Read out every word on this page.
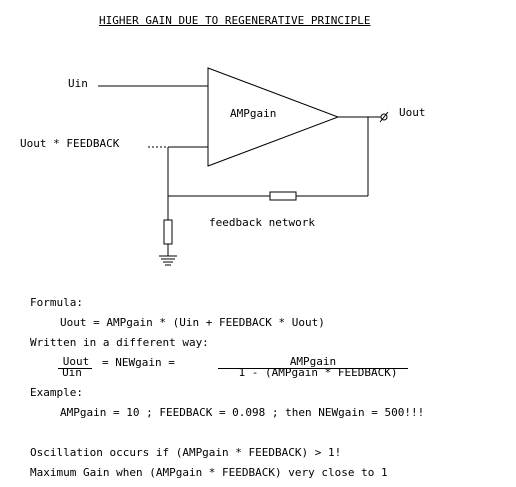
HIGHER GAIN DUE TO REGENERATIVE PRINCIPLE
Uin
Uout * FEEDBACK
AMPgain	Uout
feedback network
Formula:
Uout = AMPgain * (Uin + FEEDBACK * Uout)
Written in a different way:
Uout
Uin
= NEWgain =	AMPgain
1 - (AMPgain * FEEDBACK)
Example:
AMPgain = 10 ; FEEDBACK = 0.098 ; then NEWgain = 500!!!
Oscillation occurs if (AMPgain * FEEDBACK) > 1!
Maximum Gain when (AMPgain * FEEDBACK) very close to 1
